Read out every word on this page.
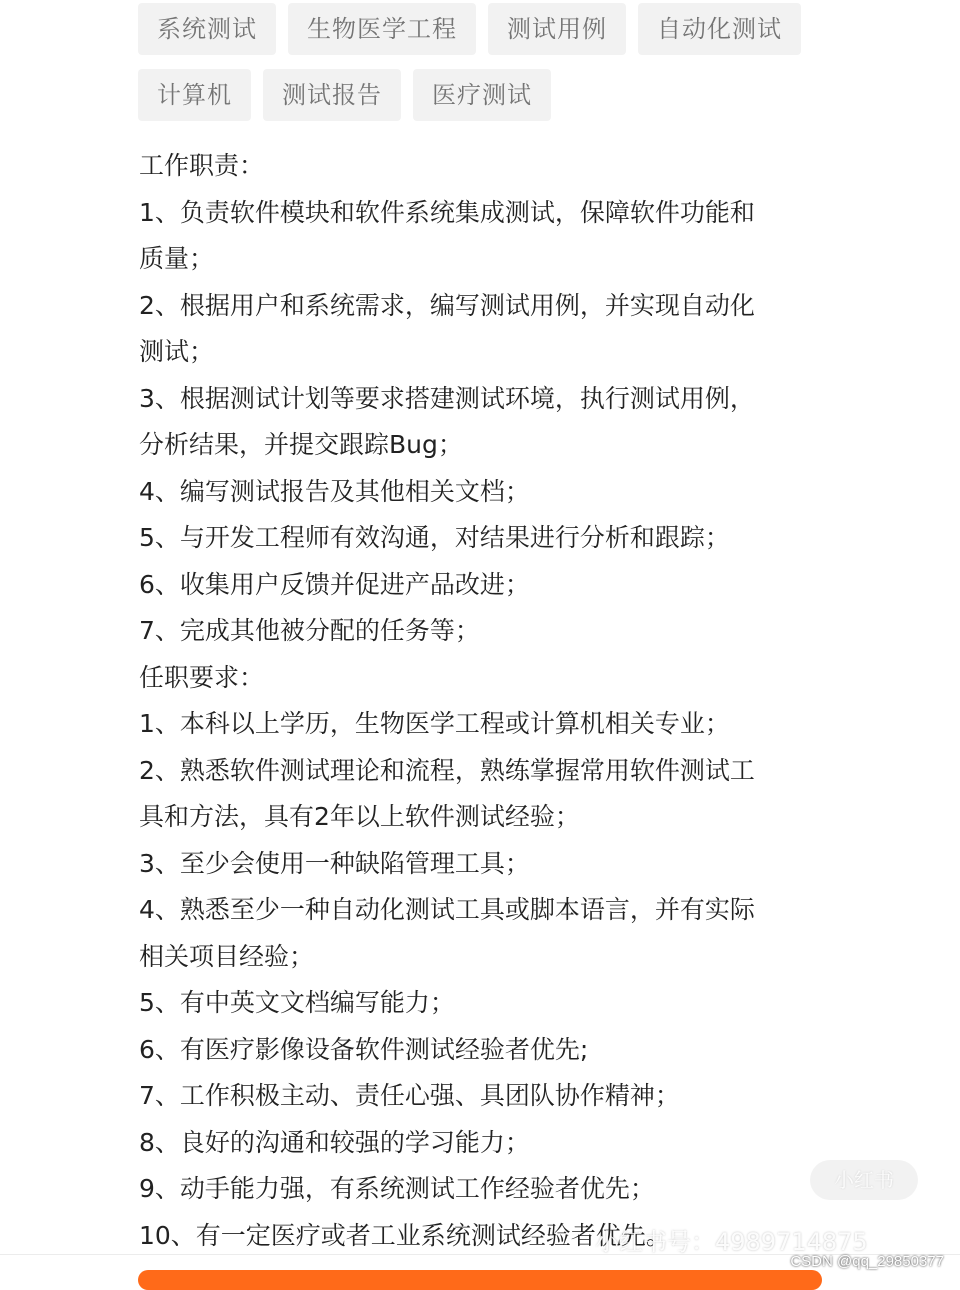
系统测试	生物医学工程	测试用例	自动化测试
计算机	测试报告	医疗测试
工作职责：
1、负责软件模块和软件系统集成测试，保障软件功能和
质量；
2、根据用户和系统需求，编写测试用例，并实现自动化
测试；
3、根据测试计划等要求搭建测试环境，执行测试用例，
分析结果，并提交跟踪Bug；
4、编写测试报告及其他相关文档；
5、与开发工程师有效沟通，对结果进行分析和跟踪；
6、收集用户反馈并促进产品改进；
7、完成其他被分配的任务等；
任职要求：
1、本科以上学历，生物医学工程或计算机相关专业；
2、熟悉软件测试理论和流程，熟练掌握常用软件测试工
具和方法，具有2年以上软件测试经验；
3、至少会使用一种缺陷管理工具；
4、熟悉至少一种自动化测试工具或脚本语言，并有实际
相关项目经验；
5、有中英文文档编写能力；
6、有医疗影像设备软件测试经验者优先;
7、工作积极主动、责任心强、具团队协作精神；
8、良好的沟通和较强的学习能力；
9、动手能力强，有系统测试工作经验者优先；
10、有一定医疗或者工业系统测试经验者优先。
小红书
小红书号：4989714875
CSDN @qq_29850377
